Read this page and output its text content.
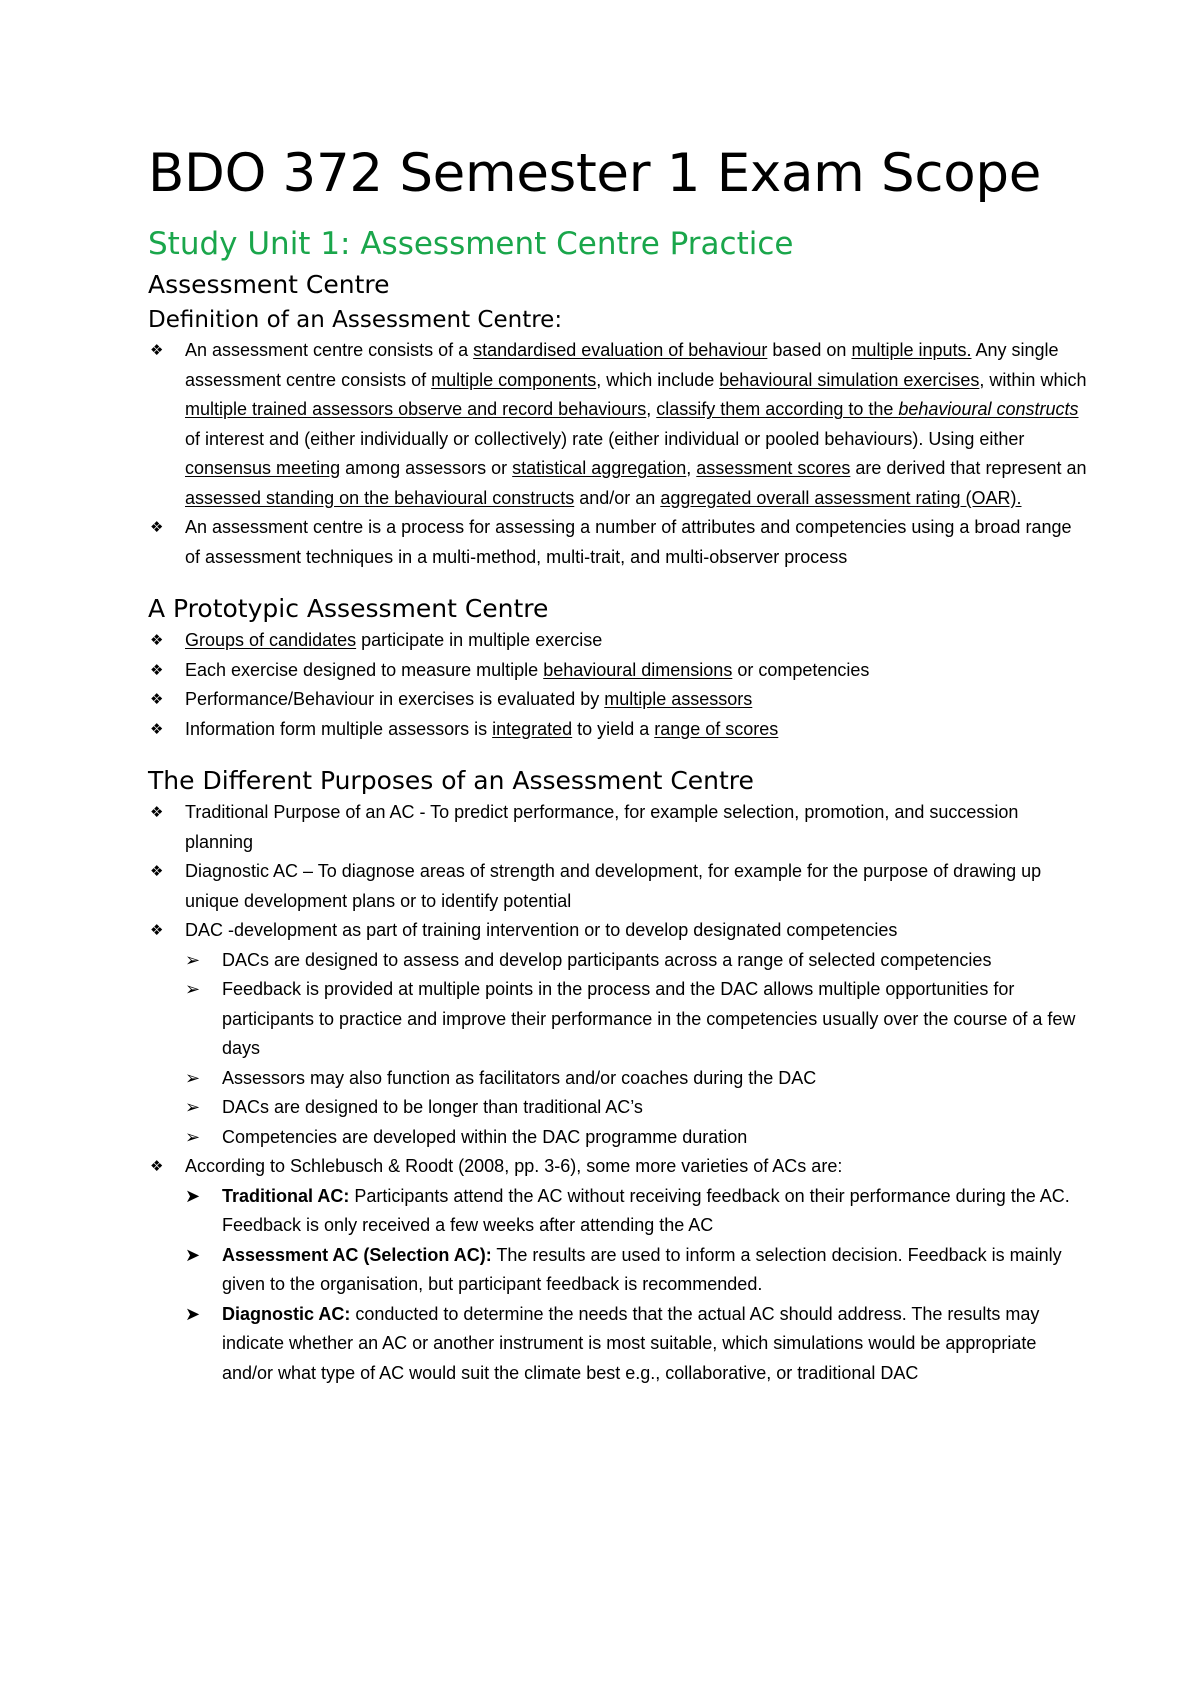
BDO 372 Semester 1 Exam Scope
Study Unit 1: Assessment Centre Practice
Assessment Centre
Definition of an Assessment Centre:
❖ An assessment centre consists of a standardised evaluation of behaviour based on multiple inputs. Any single assessment centre consists of multiple components, which include behavioural simulation exercises, within which multiple trained assessors observe and record behaviours, classify them according to the behavioural constructs of interest and (either individually or collectively) rate (either individual or pooled behaviours). Using either consensus meeting among assessors or statistical aggregation, assessment scores are derived that represent an assessed standing on the behavioural constructs and/or an aggregated overall assessment rating (OAR).
❖ An assessment centre is a process for assessing a number of attributes and competencies using a broad range of assessment techniques in a multi-method, multi-trait, and multi-observer process
A Prototypic Assessment Centre
❖ Groups of candidates participate in multiple exercise
❖ Each exercise designed to measure multiple behavioural dimensions or competencies
❖ Performance/Behaviour in exercises is evaluated by multiple assessors
❖ Information form multiple assessors is integrated to yield a range of scores
The Different Purposes of an Assessment Centre
❖ Traditional Purpose of an AC - To predict performance, for example selection, promotion, and succession planning
❖ Diagnostic AC – To diagnose areas of strength and development, for example for the purpose of drawing up unique development plans or to identify potential
❖ DAC -development as part of training intervention or to develop designated competencies
➢ DACs are designed to assess and develop participants across a range of selected competencies
➢ Feedback is provided at multiple points in the process and the DAC allows multiple opportunities for participants to practice and improve their performance in the competencies usually over the course of a few days
➢ Assessors may also function as facilitators and/or coaches during the DAC
➢ DACs are designed to be longer than traditional AC’s
➢ Competencies are developed within the DAC programme duration
❖ According to Schlebusch & Roodt (2008, pp. 3-6), some more varieties of ACs are:
➤ Traditional AC: Participants attend the AC without receiving feedback on their performance during the AC. Feedback is only received a few weeks after attending the AC
➤ Assessment AC (Selection AC): The results are used to inform a selection decision. Feedback is mainly given to the organisation, but participant feedback is recommended.
➤ Diagnostic AC: conducted to determine the needs that the actual AC should address. The results may indicate whether an AC or another instrument is most suitable, which simulations would be appropriate and/or what type of AC would suit the climate best e.g., collaborative, or traditional DAC
